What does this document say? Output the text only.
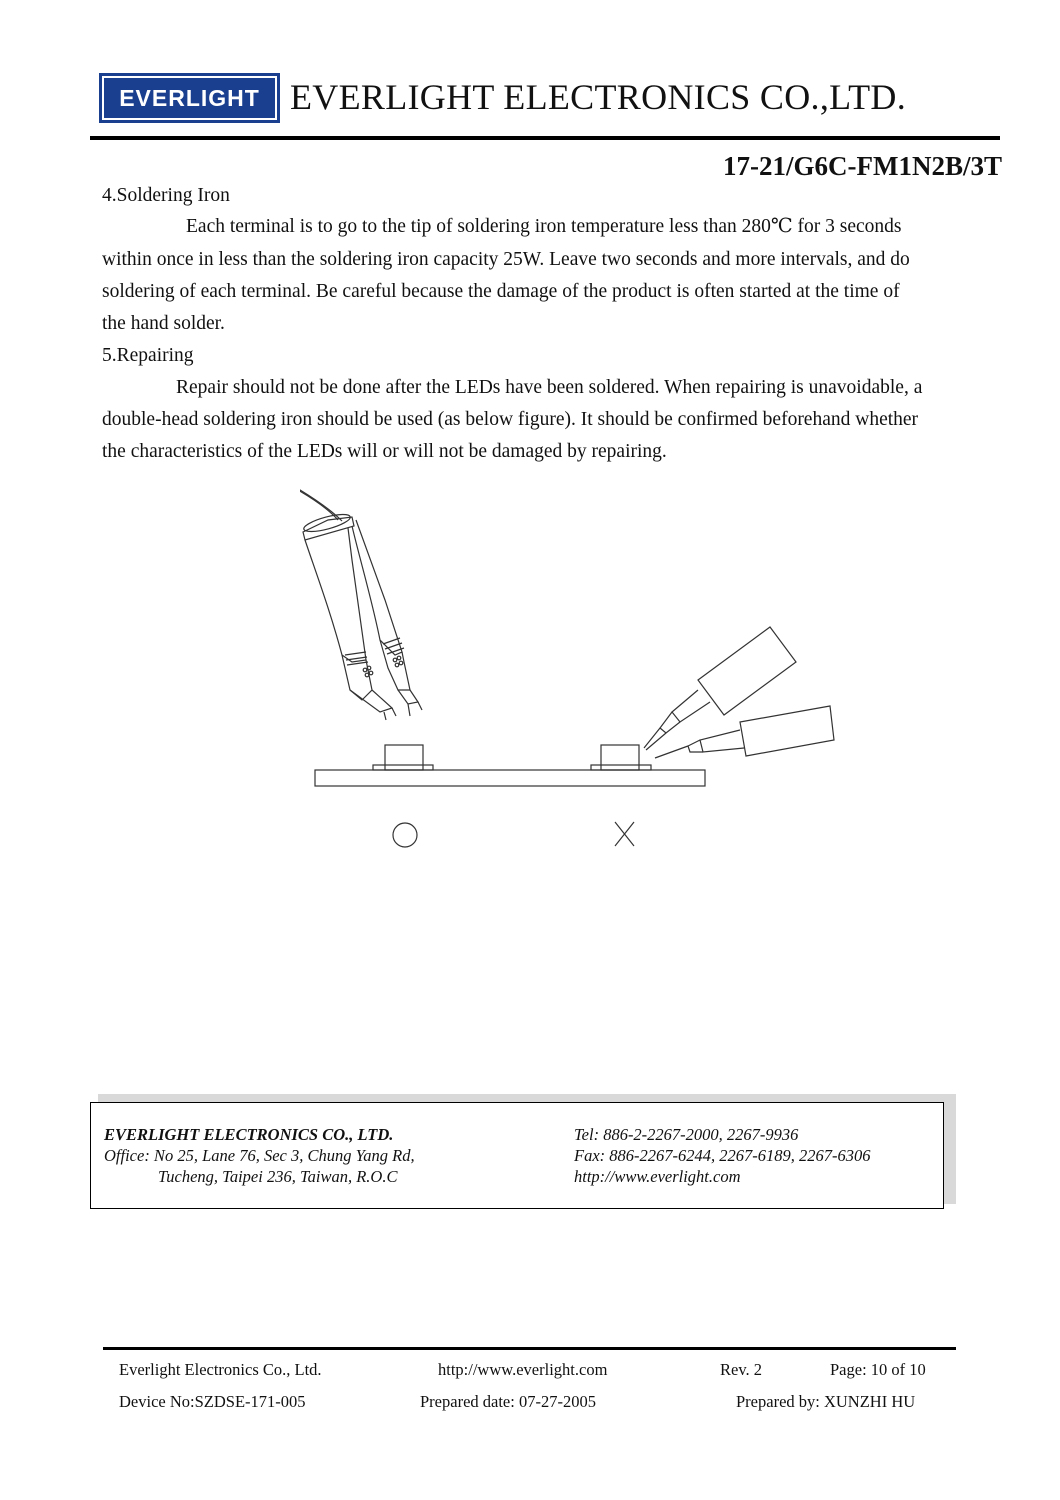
EVERLIGHT EVERLIGHT ELECTRONICS CO.,LTD.
17-21/G6C-FM1N2B/3T
4.Soldering Iron
Each terminal is to go to the tip of soldering iron temperature less than 280℃ for 3 seconds
within once in less than the soldering iron capacity 25W. Leave two seconds and more intervals, and do
soldering of each terminal. Be careful because the damage of the product is often started at the time of
the hand solder.
5.Repairing
Repair should not be done after the LEDs have been soldered. When repairing is unavoidable, a
double-head soldering iron should be used (as below figure). It should be confirmed beforehand whether
the characteristics of the LEDs will or will not be damaged by repairing.
EVERLIGHT ELECTRONICS CO., LTD.
Office: No 25, Lane 76, Sec 3, Chung Yang Rd,
Tucheng, Taipei 236, Taiwan, R.O.C
Tel: 886-2-2267-2000, 2267-9936
Fax: 886-2267-6244, 2267-6189, 2267-6306
http://www.everlight.com
Everlight Electronics Co., Ltd.	http://www.everlight.com	Rev. 2	Page: 10 of 10
Device No:SZDSE-171-005	Prepared date: 07-27-2005	Prepared by: XUNZHI HU
